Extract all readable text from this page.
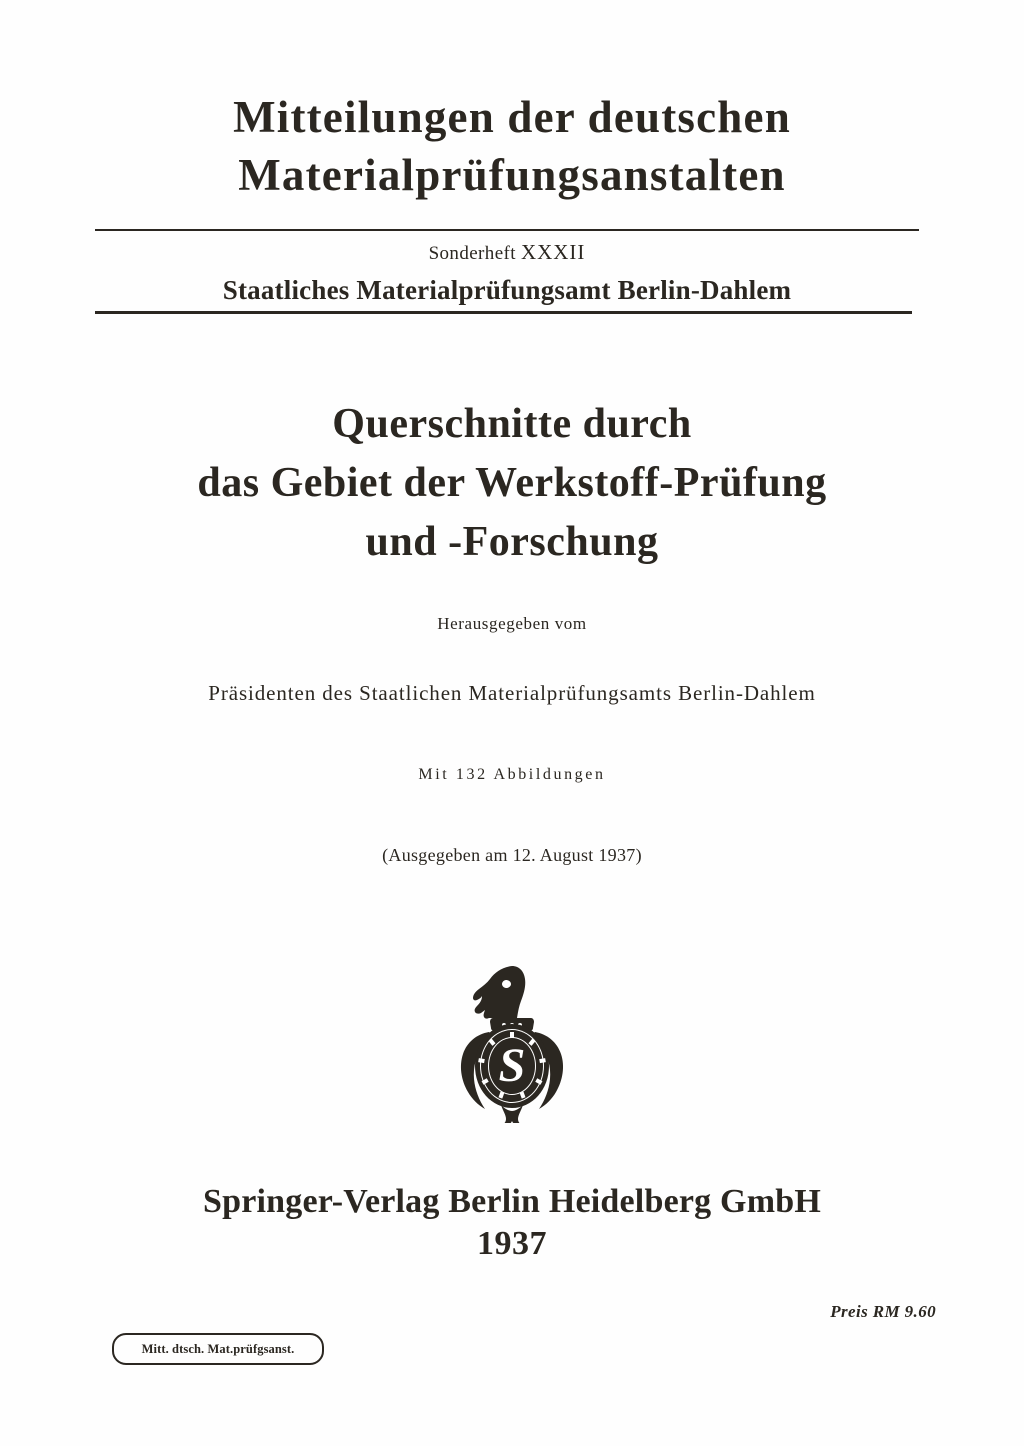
Mitteilungen der deutschen
Materialprüfungsanstalten
Sonderheft XXXII
Staatliches Materialprüfungsamt Berlin-Dahlem
Querschnitte durch
das Gebiet der Werkstoff-Prüfung
und -Forschung
Herausgegeben vom
Präsidenten des Staatlichen Materialprüfungsamts Berlin-Dahlem
Mit 132 Abbildungen
(Ausgegeben am 12. August 1937)
S
Springer-Verlag Berlin Heidelberg GmbH
1937
Preis RM 9.60
Mitt. dtsch. Mat.prüfgsanst.
